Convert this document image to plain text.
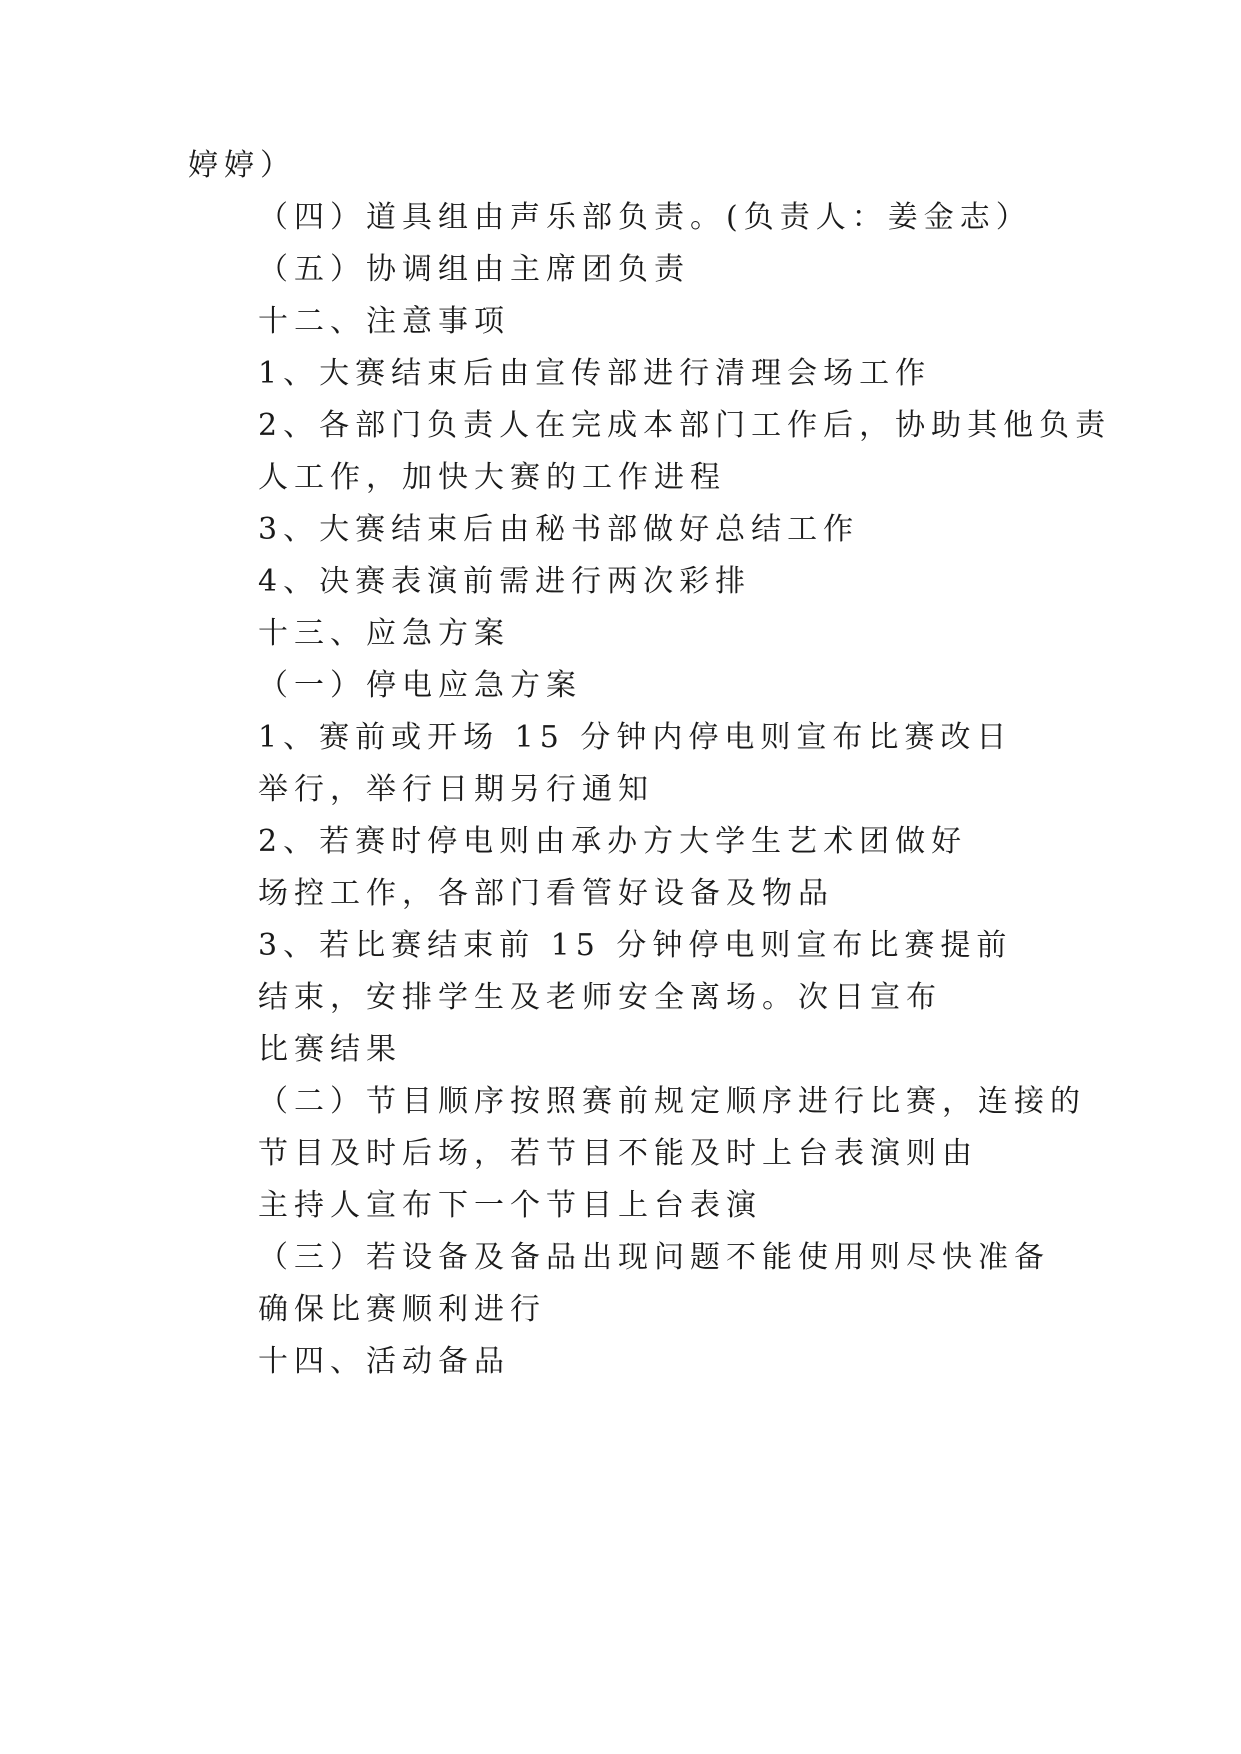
婷婷）
（四）道具组由声乐部负责。(负责人：姜金志）
（五）协调组由主席团负责
十二、注意事项
1、大赛结束后由宣传部进行清理会场工作
2、各部门负责人在完成本部门工作后，协助其他负责
人工作，加快大赛的工作进程
3、大赛结束后由秘书部做好总结工作
4、决赛表演前需进行两次彩排
十三、应急方案
（一）停电应急方案
1、赛前或开场 15 分钟内停电则宣布比赛改日
举行，举行日期另行通知
2、若赛时停电则由承办方大学生艺术团做好
场控工作，各部门看管好设备及物品
3、若比赛结束前 15 分钟停电则宣布比赛提前
结束，安排学生及老师安全离场。次日宣布
比赛结果
（二）节目顺序按照赛前规定顺序进行比赛，连接的
节目及时后场，若节目不能及时上台表演则由
主持人宣布下一个节目上台表演
（三）若设备及备品出现问题不能使用则尽快准备
确保比赛顺利进行
十四、活动备品
